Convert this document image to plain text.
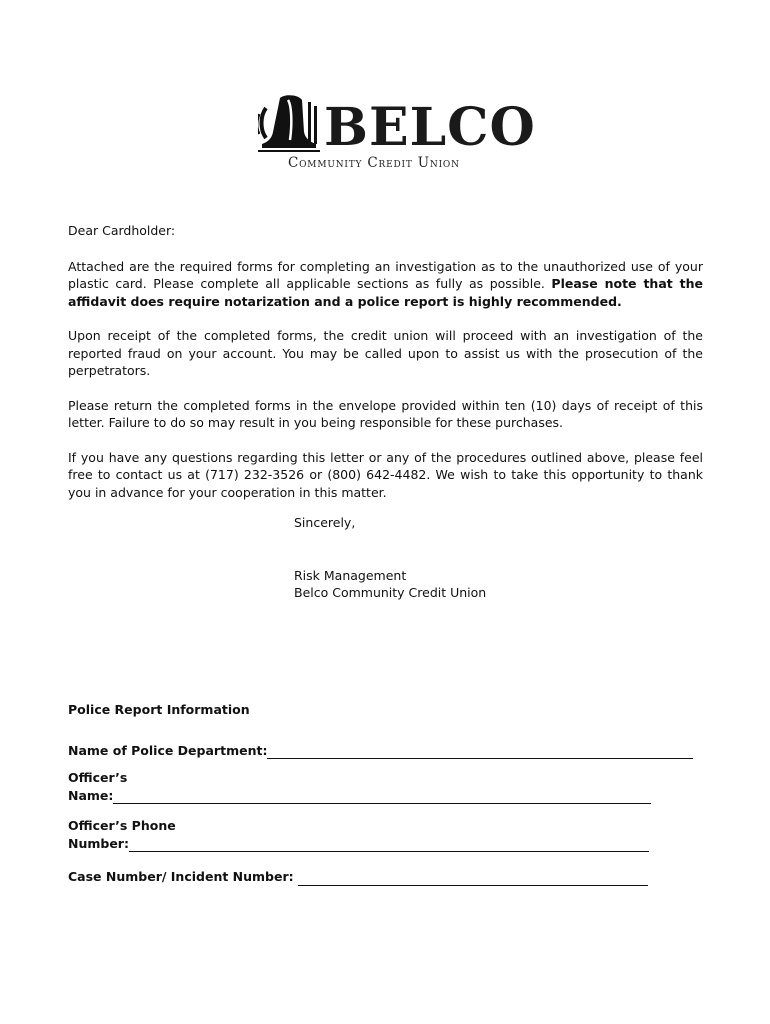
BELCO

Community Credit Union

Dear Cardholder:

Attached are the required forms for completing an investigation as to the unauthorized use of your plastic card. Please complete all applicable sections as fully as possible. Please note that the affidavit does require notarization and a police report is highly recommended.

Upon receipt of the completed forms, the credit union will proceed with an investigation of the reported fraud on your account. You may be called upon to assist us with the prosecution of the perpetrators.

Please return the completed forms in the envelope provided within ten (10) days of receipt of this letter. Failure to do so may result in you being responsible for these purchases.

If you have any questions regarding this letter or any of the procedures outlined above, please feel free to contact us at (717) 232-3526 or (800) 642-4482. We wish to take this opportunity to thank you in advance for your cooperation in this matter.

Sincerely,

Risk Management

Belco Community Credit Union

Police Report Information

Name of Police Department:

Officer’s

Name:

Officer’s Phone

Number:
Case Number/ Incident Number:
